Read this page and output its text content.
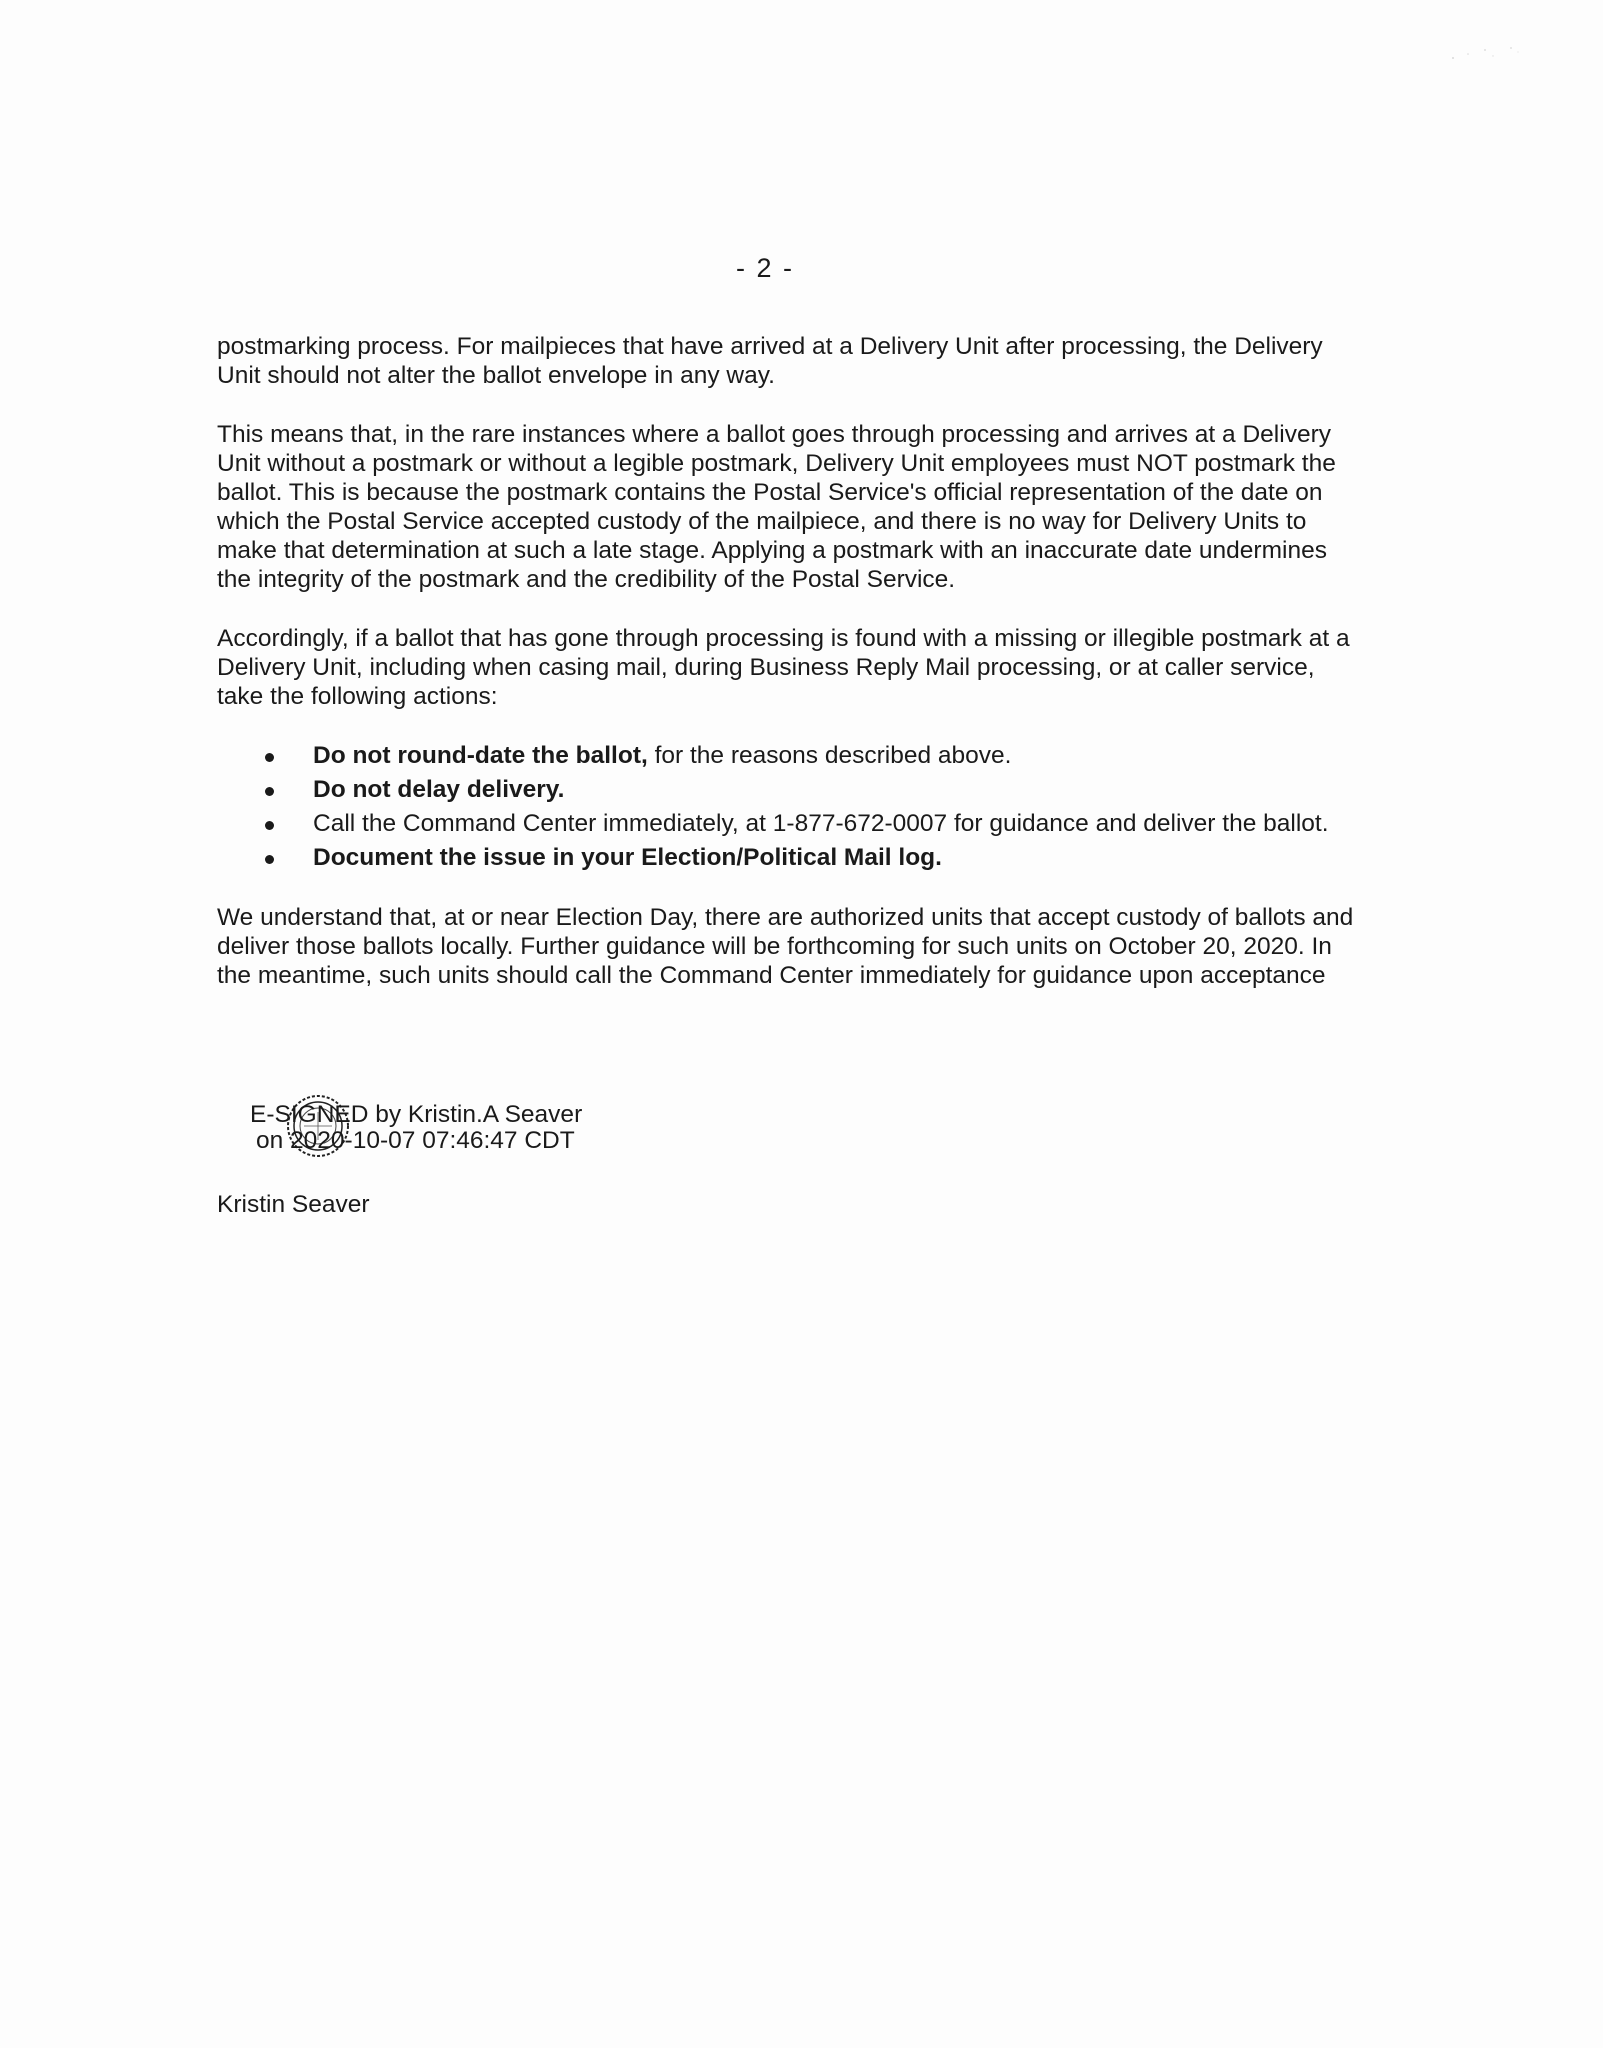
- 2 -

postmarking process. For mailpieces that have arrived at a Delivery Unit after processing, the Delivery Unit should not alter the ballot envelope in any way.

This means that, in the rare instances where a ballot goes through processing and arrives at a Delivery Unit without a postmark or without a legible postmark, Delivery Unit employees must NOT postmark the ballot. This is because the postmark contains the Postal Service's official representation of the date on which the Postal Service accepted custody of the mailpiece, and there is no way for Delivery Units to make that determination at such a late stage. Applying a postmark with an inaccurate date undermines the integrity of the postmark and the credibility of the Postal Service.

Accordingly, if a ballot that has gone through processing is found with a missing or illegible postmark at a Delivery Unit, including when casing mail, during Business Reply Mail processing, or at caller service, take the following actions:

Do not round-date the ballot, for the reasons described above.
Do not delay delivery.
Call the Command Center immediately, at 1-877-672-0007 for guidance and deliver the ballot.
Document the issue in your Election/Political Mail log.

We understand that, at or near Election Day, there are authorized units that accept custody of ballots and deliver those ballots locally. Further guidance will be forthcoming for such units on October 20, 2020. In the meantime, such units should call the Command Center immediately for guidance upon acceptance

E-SIGNED by Kristin.A Seaver
on 2020-10-07 07:46:47 CDT
Kristin Seaver
